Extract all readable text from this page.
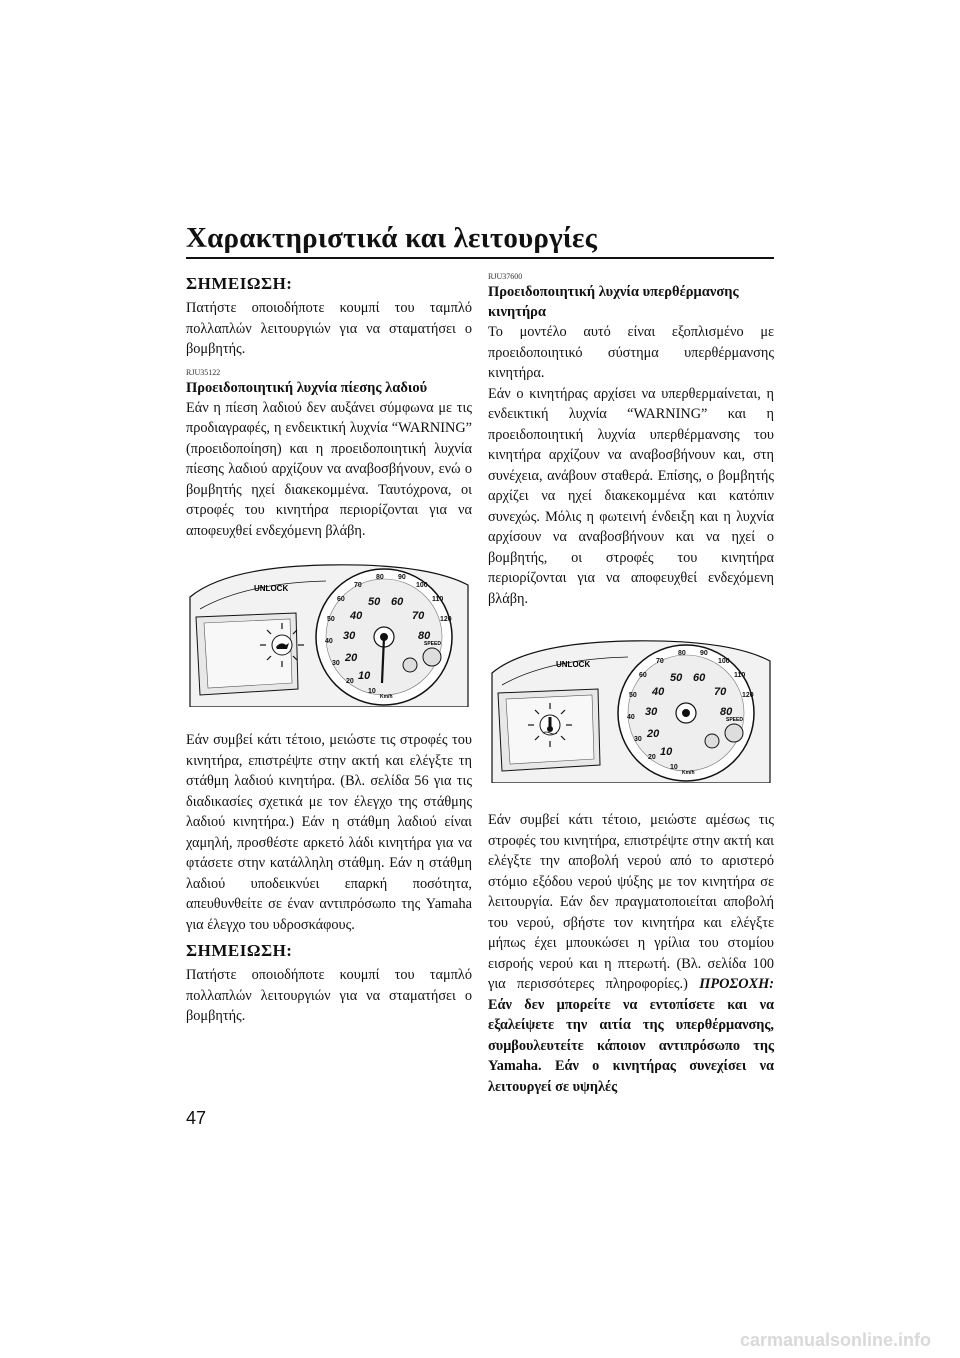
Χαρακτηριστικά και λειτουργίες
ΣΗΜΕΙΩΣΗ:

Πατήστε οποιοδήποτε κουμπί του ταμπλό πολλαπλών λειτουργιών για να σταματήσει ο βομβητής.

RJU35122
Προειδοποιητική λυχνία πίεσης λαδιού

Εάν η πίεση λαδιού δεν αυξάνει σύμφωνα με τις προδιαγραφές, η ενδεικτική λυχνία “WARNING” (προειδοποίηση) και η προειδοποιητική λυχνία πίεσης λαδιού αρχίζουν να αναβοσβήνουν, ενώ ο βομβητής ηχεί διακεκομμένα. Ταυτόχρονα, οι στροφές του κινητήρα περιορίζονται για να αποφευχθεί ενδεχόμενη βλάβη.

UNLOCK
10
20
30
40
50
60
70
80 90
100
110
120
10
20
30
40
50 60
70
80
SPEED
Km/h

Εάν συμβεί κάτι τέτοιο, μειώστε τις στροφές του κινητήρα, επιστρέψτε στην ακτή και ελέγξτε τη στάθμη λαδιού κινητήρα. (Βλ. σελίδα 56 για τις διαδικασίες σχετικά με τον έλεγχο της στάθμης λαδιού κινητήρα.) Εάν η στάθμη λαδιού είναι χαμηλή, προσθέστε αρκετό λάδι κινητήρα για να φτάσετε στην κατάλληλη στάθμη. Εάν η στάθμη λαδιού υποδεικνύει επαρκή ποσότητα, απευθυνθείτε σε έναν αντιπρόσωπο της Yamaha για έλεγχο του υδροσκάφους.

ΣΗΜΕΙΩΣΗ:

Πατήστε οποιοδήποτε κουμπί του ταμπλό πολλαπλών λειτουργιών για να σταματήσει ο βομβητής.

RJU37600
Προειδοποιητική λυχνία υπερθέρμανσης κινητήρα

Το μοντέλο αυτό είναι εξοπλισμένο με προειδοποιητικό σύστημα υπερθέρμανσης κινητήρα.

Εάν ο κινητήρας αρχίσει να υπερθερμαίνεται, η ενδεικτική λυχνία “WARNING” και η προειδοποιητική λυχνία υπερθέρμανσης του κινητήρα αρχίζουν να αναβοσβήνουν και, στη συνέχεια, ανάβουν σταθερά. Επίσης, ο βομβητής αρχίζει να ηχεί διακεκομμένα και κατόπιν συνεχώς. Μόλις η φωτεινή ένδειξη και η λυχνία αρχίσουν να αναβοσβήνουν και να ηχεί ο βομβητής, οι στροφές του κινητήρα περιορίζονται για να αποφευχθεί ενδεχόμενη βλάβη.

UNLOCK
10
20
30
40
50
60
70
80 90
100
110
120
10
20
30
40
50 60
70
80
SPEED
Km/h

Εάν συμβεί κάτι τέτοιο, μειώστε αμέσως τις στροφές του κινητήρα, επιστρέψτε στην ακτή και ελέγξτε την αποβολή νερού από το αριστερό στόμιο εξόδου νερού ψύξης με τον κινητήρα σε λειτουργία. Εάν δεν πραγματοποιείται αποβολή του νερού, σβήστε τον κινητήρα και ελέγξτε μήπως έχει μπουκώσει η γρίλια του στομίου εισροής νερού και η πτερωτή. (Βλ. σελίδα 100 για περισσότερες πληροφορίες.) ΠΡΟΣΟΧΗ: Εάν δεν μπορείτε να εντοπίσετε και να εξαλείψετε την αιτία της υπερθέρμανσης, συμβουλευτείτε κάποιον αντιπρόσωπο της Yamaha. Εάν ο κινητήρας συνεχίσει να λειτουργεί σε υψηλές

47
carmanualsonline.info
